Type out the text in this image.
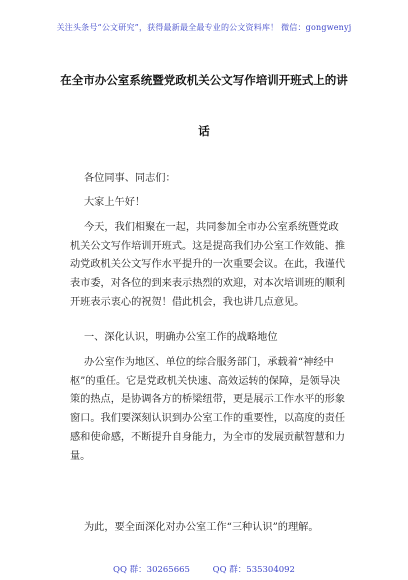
关注头条号“公文研究”，获得最新最全最专业的公文资料库！ 微信：gongwenyj
在全市办公室系统暨党政机关公文写作培训开班式上的讲
话
各位同事、同志们：
大家上午好！
今天，我们相聚在一起，共同参加全市办公室系统暨党政机关公文写作培训开班式。这是提高我们办公室工作效能、推动党政机关公文写作水平提升的一次重要会议。在此，我谨代表市委，对各位的到来表示热烈的欢迎，对本次培训班的顺利开班表示衷心的祝贺！借此机会，我也讲几点意见。
一、深化认识，明确办公室工作的战略地位
办公室作为地区、单位的综合服务部门，承载着“神经中枢”的重任。它是党政机关快速、高效运转的保障，是领导决策的热点，是协调各方的桥梁纽带，更是展示工作水平的形象窗口。我们要深刻认识到办公室工作的重要性，以高度的责任感和使命感，不断提升自身能力，为全市的发展贡献智慧和力量。
为此，要全面深化对办公室工作“三种认识”的理解。
QQ 群：30265665	QQ 群：535304092
